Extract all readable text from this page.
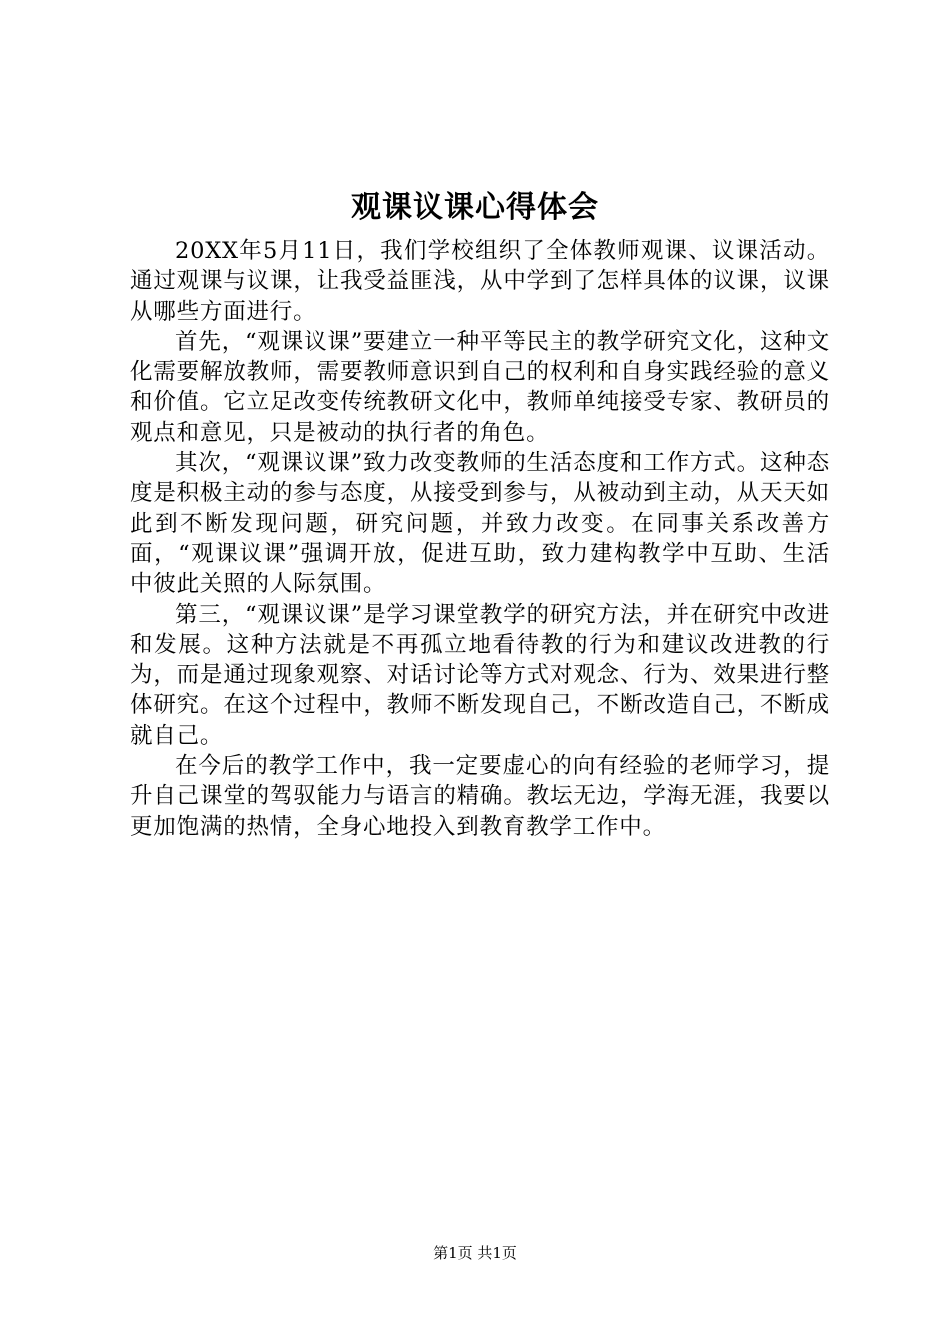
观课议课心得体会

20XX年5月11日，我们学校组织了全体教师观课、议课活动。通过观课与议课，让我受益匪浅，从中学到了怎样具体的议课，议课从哪些方面进行。

首先，“观课议课”要建立一种平等民主的教学研究文化，这种文化需要解放教师，需要教师意识到自己的权利和自身实践经验的意义和价值。它立足改变传统教研文化中，教师单纯接受专家、教研员的观点和意见，只是被动的执行者的角色。

其次，“观课议课”致力改变教师的生活态度和工作方式。这种态度是积极主动的参与态度，从接受到参与，从被动到主动，从天天如此到不断发现问题，研究问题，并致力改变。在同事关系改善方面，“观课议课”强调开放，促进互助，致力建构教学中互助、生活中彼此关照的人际氛围。

第三，“观课议课”是学习课堂教学的研究方法，并在研究中改进和发展。这种方法就是不再孤立地看待教的行为和建议改进教的行为，而是通过现象观察、对话讨论等方式对观念、行为、效果进行整体研究。在这个过程中，教师不断发现自己，不断改造自己，不断成就自己。

在今后的教学工作中，我一定要虚心的向有经验的老师学习，提升自己课堂的驾驭能力与语言的精确。教坛无边，学海无涯，我要以更加饱满的热情，全身心地投入到教育教学工作中。

第1页 共1页
